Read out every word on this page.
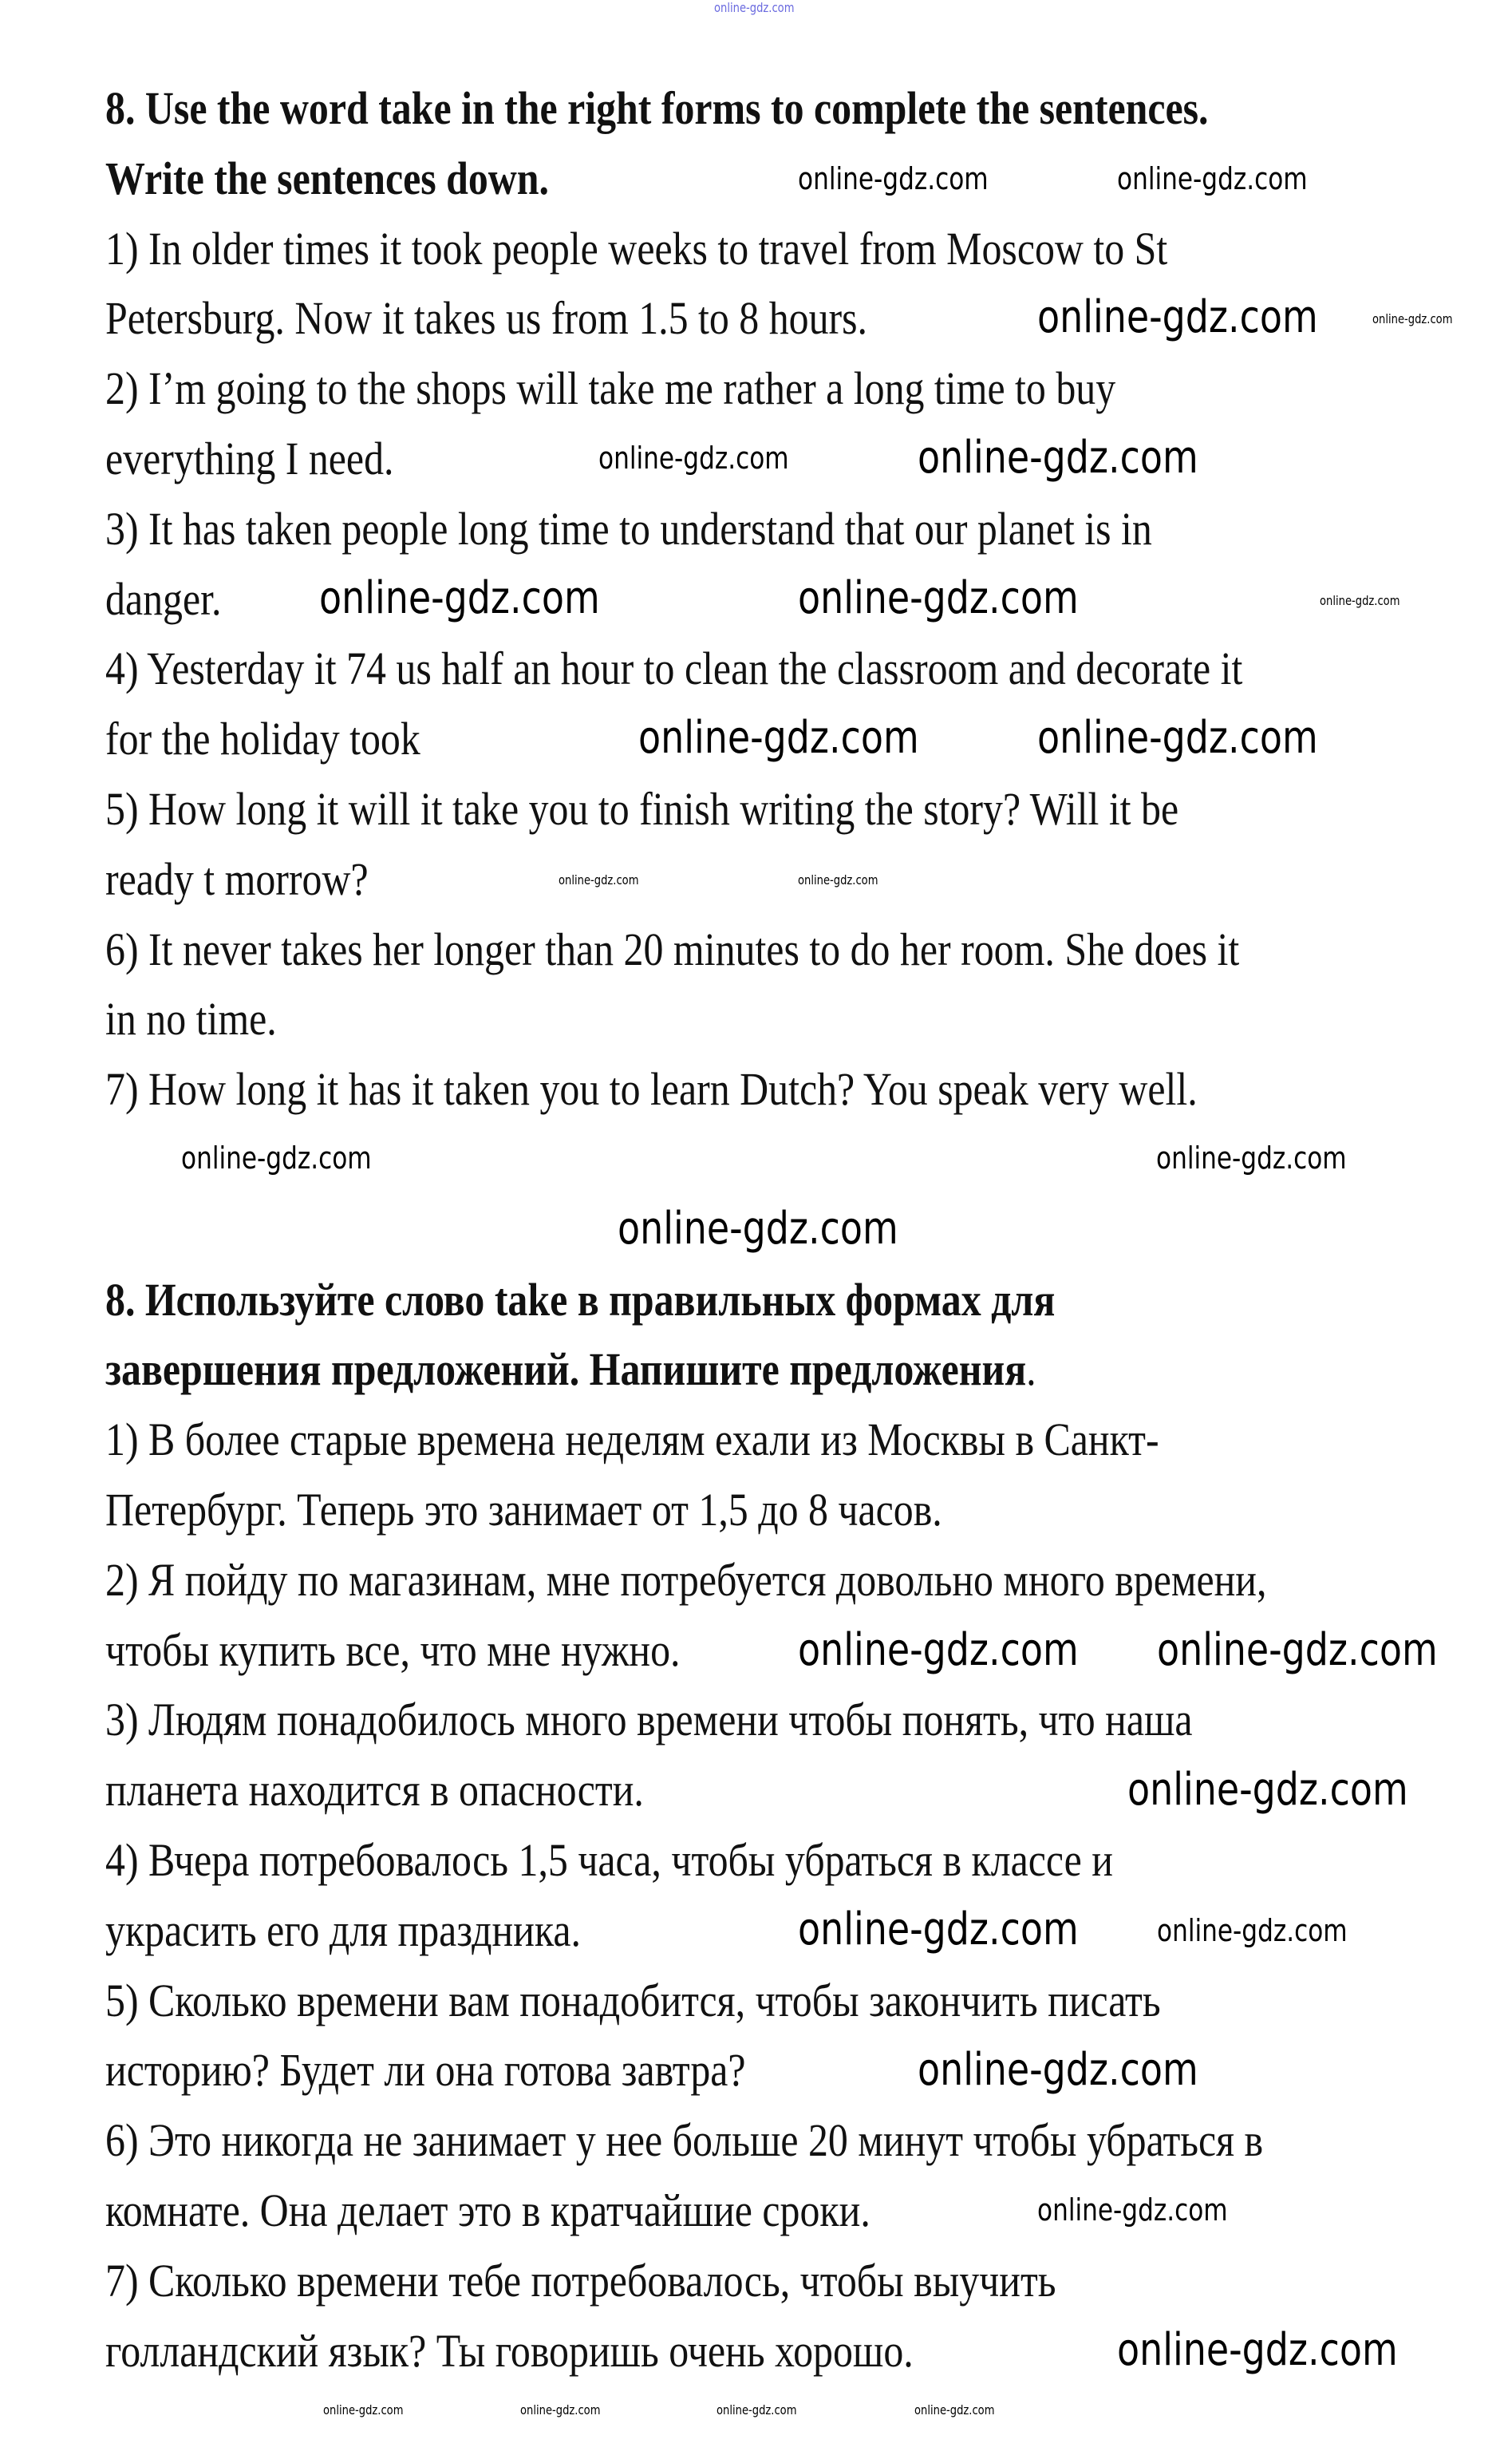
8. Use the word take in the right forms to complete the sentences.
Write the sentences down.
1) In older times it took people weeks to travel from Moscow to St
Petersburg. Now it takes us from 1.5 to 8 hours.
2) I’m going to the shops will take me rather a long time to buy
everything I need.
3) It has taken people long time to understand that our planet is in
danger.
4) Yesterday it 74 us half an hour to clean the classroom and decorate it
for the holiday took
5) How long it will it take you to finish writing the story? Will it be
ready t morrow?
6) It never takes her longer than 20 minutes to do her room. She does it
in no time.
7) How long it has it taken you to learn Dutch? You speak very well.
8. Используйте слово take в правильных формах для
завершения предложений. Напишите предложения.
1) В более старые времена неделям ехали из Москвы в Санкт-
Петербург. Теперь это занимает от 1,5 до 8 часов.
2) Я пойду по магазинам, мне потребуется довольно много времени,
чтобы купить все, что мне нужно.
3) Людям понадобилось много времени чтобы понять, что наша
планета находится в опасности.
4) Вчера потребовалось 1,5 часа, чтобы убраться в классе и
украсить его для праздника.
5) Сколько времени вам понадобится, чтобы закончить писать
историю? Будет ли она готова завтра?
6) Это никогда не занимает у нее больше 20 минут чтобы убраться в
комнате. Она делает это в кратчайшие сроки.
7) Сколько времени тебе потребовалось, чтобы выучить
голландский язык? Ты говоришь очень хорошо.
online-gdz.com
online-gdz.com	online-gdz.com
online-gdz.com	online-gdz.com
online-gdz.com	online-gdz.com
online-gdz.com	online-gdz.com	online-gdz.com
online-gdz.com	online-gdz.com
online-gdz.com	online-gdz.com
online-gdz.com	online-gdz.com
online-gdz.com
online-gdz.com online-gdz.com
online-gdz.com
online-gdz.com	online-gdz.com
online-gdz.com
online-gdz.com
online-gdz.com
online-gdz.com	online-gdz.com	online-gdz.com	online-gdz.com
